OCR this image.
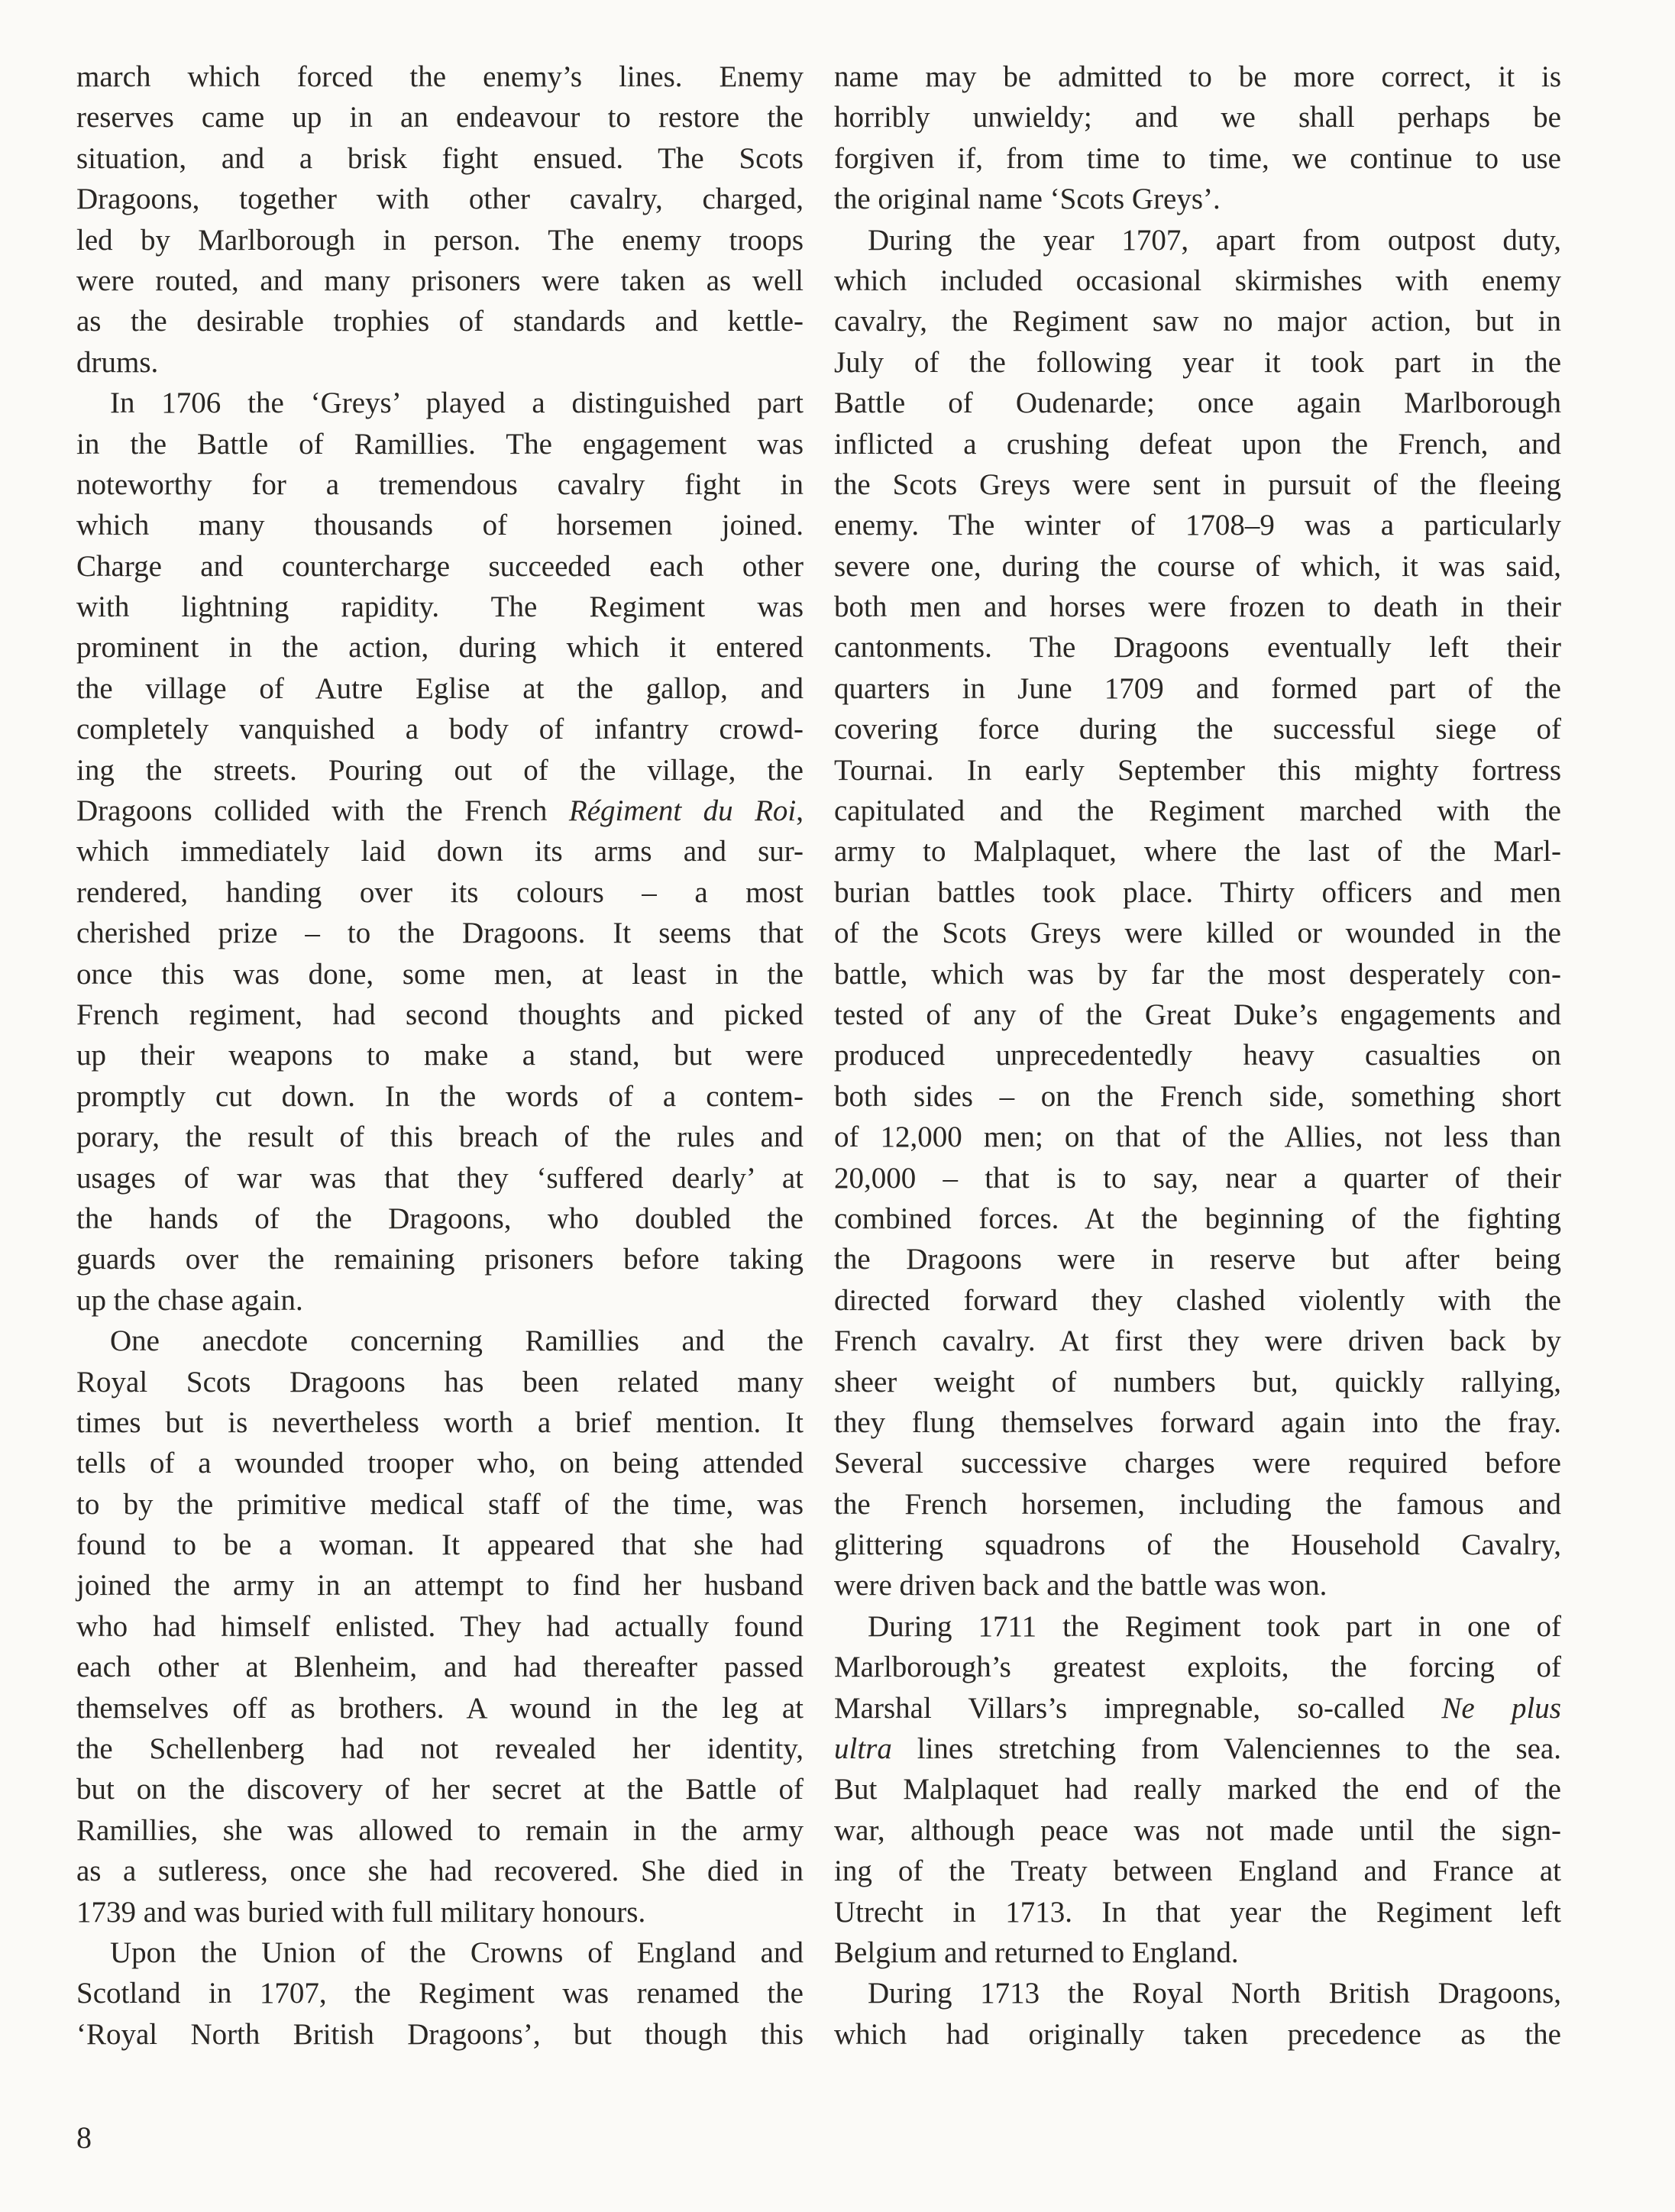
march which forced the enemy’s lines. Enemy
reserves came up in an endeavour to restore the
situation, and a brisk fight ensued. The Scots
Dragoons, together with other cavalry, charged,
led by Marlborough in person. The enemy troops
were routed, and many prisoners were taken as well
as the desirable trophies of standards and kettle-
drums.
In 1706 the ‘Greys’ played a distinguished part
in the Battle of Ramillies. The engagement was
noteworthy for a tremendous cavalry fight in
which many thousands of horsemen joined.
Charge and countercharge succeeded each other
with lightning rapidity. The Regiment was
prominent in the action, during which it entered
the village of Autre Eglise at the gallop, and
completely vanquished a body of infantry crowd-
ing the streets. Pouring out of the village, the
Dragoons collided with the French Régiment du Roi,
which immediately laid down its arms and sur-
rendered, handing over its colours – a most
cherished prize – to the Dragoons. It seems that
once this was done, some men, at least in the
French regiment, had second thoughts and picked
up their weapons to make a stand, but were
promptly cut down. In the words of a contem-
porary, the result of this breach of the rules and
usages of war was that they ‘suffered dearly’ at
the hands of the Dragoons, who doubled the
guards over the remaining prisoners before taking
up the chase again.
One anecdote concerning Ramillies and the
Royal Scots Dragoons has been related many
times but is nevertheless worth a brief mention. It
tells of a wounded trooper who, on being attended
to by the primitive medical staff of the time, was
found to be a woman. It appeared that she had
joined the army in an attempt to find her husband
who had himself enlisted. They had actually found
each other at Blenheim, and had thereafter passed
themselves off as brothers. A wound in the leg at
the Schellenberg had not revealed her identity,
but on the discovery of her secret at the Battle of
Ramillies, she was allowed to remain in the army
as a sutleress, once she had recovered. She died in
1739 and was buried with full military honours.
Upon the Union of the Crowns of England and
Scotland in 1707, the Regiment was renamed the
‘Royal North British Dragoons’, but though this
name may be admitted to be more correct, it is
horribly unwieldy; and we shall perhaps be
forgiven if, from time to time, we continue to use
the original name ‘Scots Greys’.
During the year 1707, apart from outpost duty,
which included occasional skirmishes with enemy
cavalry, the Regiment saw no major action, but in
July of the following year it took part in the
Battle of Oudenarde; once again Marlborough
inflicted a crushing defeat upon the French, and
the Scots Greys were sent in pursuit of the fleeing
enemy. The winter of 1708–9 was a particularly
severe one, during the course of which, it was said,
both men and horses were frozen to death in their
cantonments. The Dragoons eventually left their
quarters in June 1709 and formed part of the
covering force during the successful siege of
Tournai. In early September this mighty fortress
capitulated and the Regiment marched with the
army to Malplaquet, where the last of the Marl-
burian battles took place. Thirty officers and men
of the Scots Greys were killed or wounded in the
battle, which was by far the most desperately con-
tested of any of the Great Duke’s engagements and
produced unprecedentedly heavy casualties on
both sides – on the French side, something short
of 12,000 men; on that of the Allies, not less than
20,000 – that is to say, near a quarter of their
combined forces. At the beginning of the fighting
the Dragoons were in reserve but after being
directed forward they clashed violently with the
French cavalry. At first they were driven back by
sheer weight of numbers but, quickly rallying,
they flung themselves forward again into the fray.
Several successive charges were required before
the French horsemen, including the famous and
glittering squadrons of the Household Cavalry,
were driven back and the battle was won.
During 1711 the Regiment took part in one of
Marlborough’s greatest exploits, the forcing of
Marshal Villars’s impregnable, so-called Ne plus
ultra lines stretching from Valenciennes to the sea.
But Malplaquet had really marked the end of the
war, although peace was not made until the sign-
ing of the Treaty between England and France at
Utrecht in 1713. In that year the Regiment left
Belgium and returned to England.
During 1713 the Royal North British Dragoons,
which had originally taken precedence as the
8
